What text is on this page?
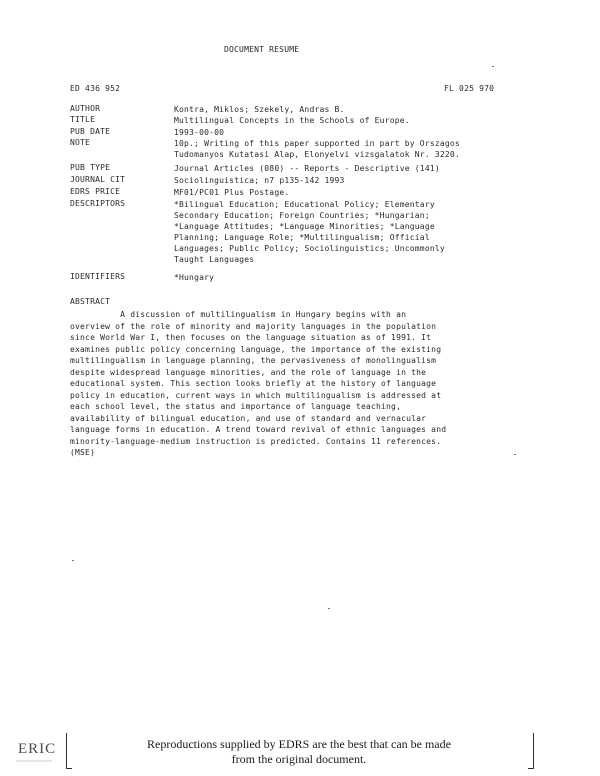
DOCUMENT RESUME
ED 436 952	FL 025 970
AUTHOR	Kontra, Miklos; Szekely, Andras B.
TITLE	Multilingual Concepts in the Schools of Europe.
PUB DATE	1993-00-00
NOTE	10p.; Writing of this paper supported in part by Orszagos
Tudomanyos Kutatasi Alap, Elonyelvi vizsgalatok Nr. 3220.
PUB TYPE	Journal Articles (080) -- Reports - Descriptive (141)
JOURNAL CIT	Sociolinguistica; n7 p135-142 1993
EDRS PRICE	MF01/PC01 Plus Postage.
DESCRIPTORS	*Bilingual Education; Educational Policy; Elementary
Secondary Education; Foreign Countries; *Hungarian;
*Language Attitudes; *Language Minorities; *Language
Planning; Language Role; *Multilingualism; Official
Languages; Public Policy; Sociolinguistics; Uncommonly
Taught Languages
IDENTIFIERS	*Hungary
ABSTRACT
A discussion of multilingualism in Hungary begins with an
overview of the role of minority and majority languages in the population
since World War I, then focuses on the language situation as of 1991. It
examines public policy concerning language, the importance of the existing
multilingualism in language planning, the pervasiveness of monolingualism
despite widespread language minorities, and the role of language in the
educational system. This section looks briefly at the history of language
policy in education, current ways in which multilingualism is addressed at
each school level, the status and importance of language teaching,
availability of bilingual education, and use of standard and vernacular
language forms in education. A trend toward revival of ethnic languages and
minority-language-medium instruction is predicted. Contains 11 references.
(MSE)
ERIC	Reproductions supplied by EDRS are the best that can be made
from the original document.
